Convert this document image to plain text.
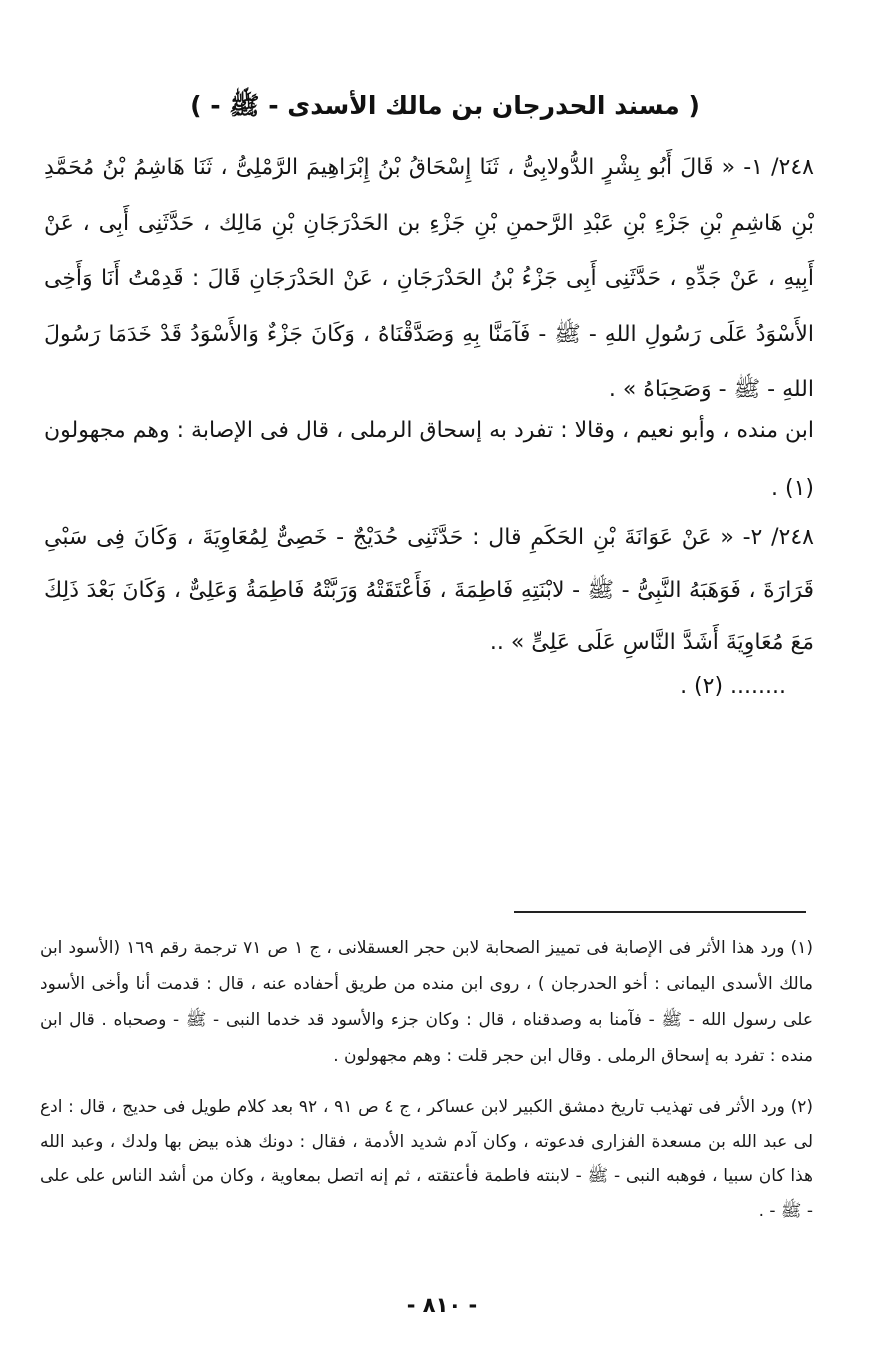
( مسند الحدرجان بن مالك الأسدى - ﷺ - )
٢٤٨/ ١- « قَالَ أَبُو بِشْرٍ الدُّولابِىُّ ، ثَنَا إِسْحَاقُ بْنُ إِبْرَاهِيمَ الرَّمْلِىُّ ، ثَنَا هَاشِمُ بْنُ مُحَمَّدِ بْنِ هَاشِمِ بْنِ جَزْءِ بْنِ عَبْدِ الرَّحمنِ بْنِ جَزْءِ بن الحَدْرَجَانِ بْنِ مَالِك ، حَدَّثَنِى أَبِى ، عَنْ أَبِيهِ ، عَنْ جَدِّهِ ، حَدَّثَنِى أَبِى جَزْءُ بْنُ الحَدْرَجَانِ ، عَنْ الحَدْرَجَانِ قَالَ : قَدِمْتُ أَنَا وَأَخِى الأَسْوَدُ عَلَى رَسُولِ اللهِ - ﷺ - فَآمَنَّا بِهِ وَصَدَّقْنَاهُ ، وَكَانَ جَزْءٌ وَالأَسْوَدُ قَدْ خَدَمَا رَسُولَ اللهِ - ﷺ - وَصَحِبَاهُ » .
ابن منده ، وأبو نعيم ، وقالا : تفرد به إسحاق الرملى ، قال فى الإصابة : وهم مجهولون (١) .
٢٤٨/ ٢- « عَنْ عَوَانَةَ بْنِ الحَكَمِ قال : حَدَّثَنِى حُدَيْجٌ - خَصِىٌّ لِمُعَاوِيَةَ ، وَكَانَ فِى سَبْىِ قَرَارَةَ ، فَوَهَبَهُ النَّبِىُّ - ﷺ - لابْنَتِهِ فَاطِمَةَ ، فَأَعْتَقَتْهُ وَرَبَّتْهُ فَاطِمَةُ وَعَلِىٌّ ، وَكَانَ بَعْدَ ذَلِكَ مَعَ مُعَاوِيَةَ أَشَدَّ النَّاسِ عَلَى عَلِىٍّ » ..
........ (٢) .
(١) ورد هذا الأثر فى الإصابة فى تمييز الصحابة لابن حجر العسقلانى ، ج ١ ص ٧١ ترجمة رقم ١٦٩ (الأسود ابن مالك الأسدى اليمانى : أخو الحدرجان ) ، روى ابن منده من طريق أحفاده عنه ، قال : قدمت أنا وأخى الأسود على رسول الله - ﷺ - فآمنا به وصدقناه ، قال : وكان جزء والأسود قد خدما النبى - ﷺ - وصحباه . قال ابن منده : تفرد به إسحاق الرملى . وقال ابن حجر قلت : وهم مجهولون .
(٢) ورد الأثر فى تهذيب تاريخ دمشق الكبير لابن عساكر ، ج ٤ ص ٩١ ، ٩٢ بعد كلام طويل فى حديج ، قال : ادع لى عبد الله بن مسعدة الفزارى فدعوته ، وكان آدم شديد الأدمة ، فقال : دونك هذه بيض بها ولدك ، وعبد الله هذا كان سبيا ، فوهبه النبى - ﷺ - لابنته فاطمة فأعتقته ، ثم إنه اتصل بمعاوية ، وكان من أشد الناس على على - ﷺ - .
- ٨١٠ -
